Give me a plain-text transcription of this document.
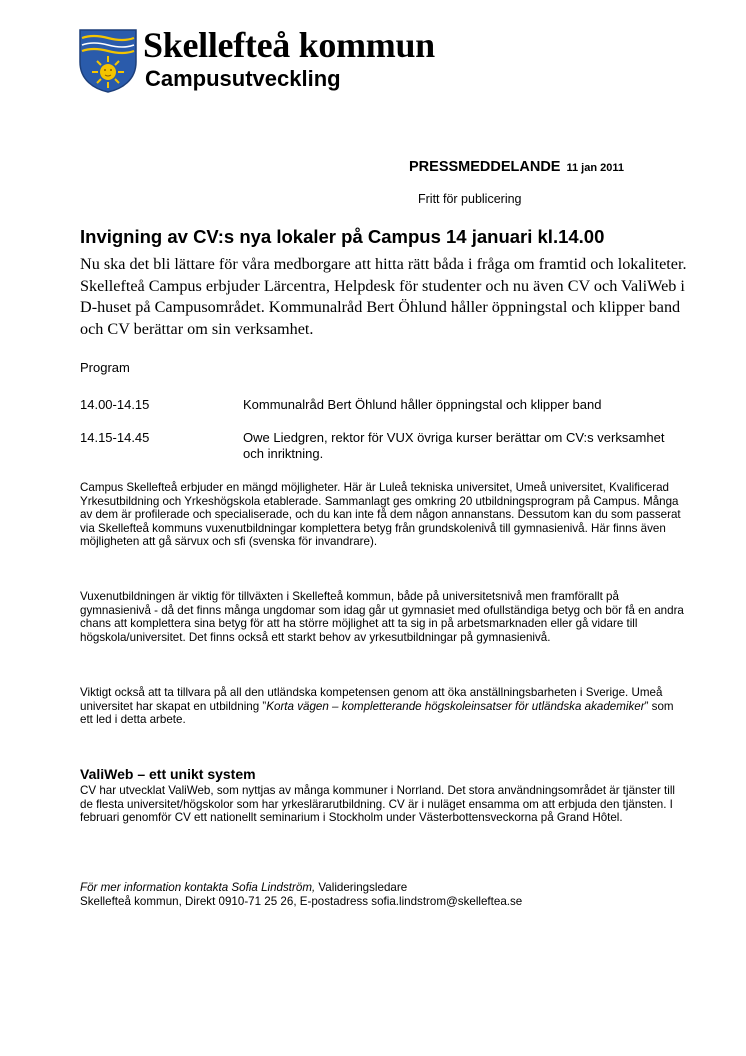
Skellefteå kommun
Campusutveckling
PRESSMEDDELANDE 11 jan 2011
Fritt för publicering
Invigning av CV:s nya lokaler på Campus 14 januari kl.14.00
Nu ska det bli lättare för våra medborgare att hitta rätt båda i fråga om framtid och lokaliteter. Skellefteå Campus erbjuder Lärcentra, Helpdesk för studenter och nu även CV och ValiWeb i D-huset på Campusområdet. Kommunalråd Bert Öhlund håller öppningstal och klipper band och CV berättar om sin verksamhet.
Program
14.00-14.15	Kommunalråd Bert Öhlund håller öppningstal och klipper band
14.15-14.45	Owe Liedgren, rektor för VUX övriga kurser berättar om CV:s verksamhet och inriktning.
Campus Skellefteå erbjuder en mängd möjligheter. Här är Luleå tekniska universitet, Umeå universitet, Kvalificerad Yrkesutbildning och Yrkeshögskola etablerade. Sammanlagt ges omkring 20 utbildningsprogram på Campus. Många av dem är profilerade och specialiserade, och du kan inte få dem någon annanstans. Dessutom kan du som passerat via Skellefteå kommuns vuxenutbildningar komplettera betyg från grundskolenivå till gymnasienivå. Här finns även möjligheten att gå särvux och sfi (svenska för invandrare).
Vuxenutbildningen är viktig för tillväxten i Skellefteå kommun, både på universitetsnivå men framförallt på gymnasienivå - då det finns många ungdomar som idag går ut gymnasiet med ofullständiga betyg och bör få en andra chans att komplettera sina betyg för att ha större möjlighet att ta sig in på arbetsmarknaden eller gå vidare till högskola/universitet. Det finns också ett starkt behov av yrkesutbildningar på gymnasienivå.
Viktigt också att ta tillvara på all den utländska kompetensen genom att öka anställningsbarheten i Sverige. Umeå universitet har skapat en utbildning ”Korta vägen – kompletterande högskoleinsatser för utländska akademiker” som ett led i detta arbete.
ValiWeb – ett unikt system
CV har utvecklat ValiWeb, som nyttjas av många kommuner i Norrland. Det stora användningsområdet är tjänster till de flesta universitet/högskolor som har yrkeslärarutbildning. CV är i nuläget ensamma om att erbjuda den tjänsten. I februari genomför CV ett nationellt seminarium i Stockholm under Västerbottensveckorna på Grand Hôtel.
För mer information kontakta Sofia Lindström, Valideringsledare
Skellefteå kommun, Direkt 0910-71 25 26, E-postadress sofia.lindstrom@skelleftea.se
